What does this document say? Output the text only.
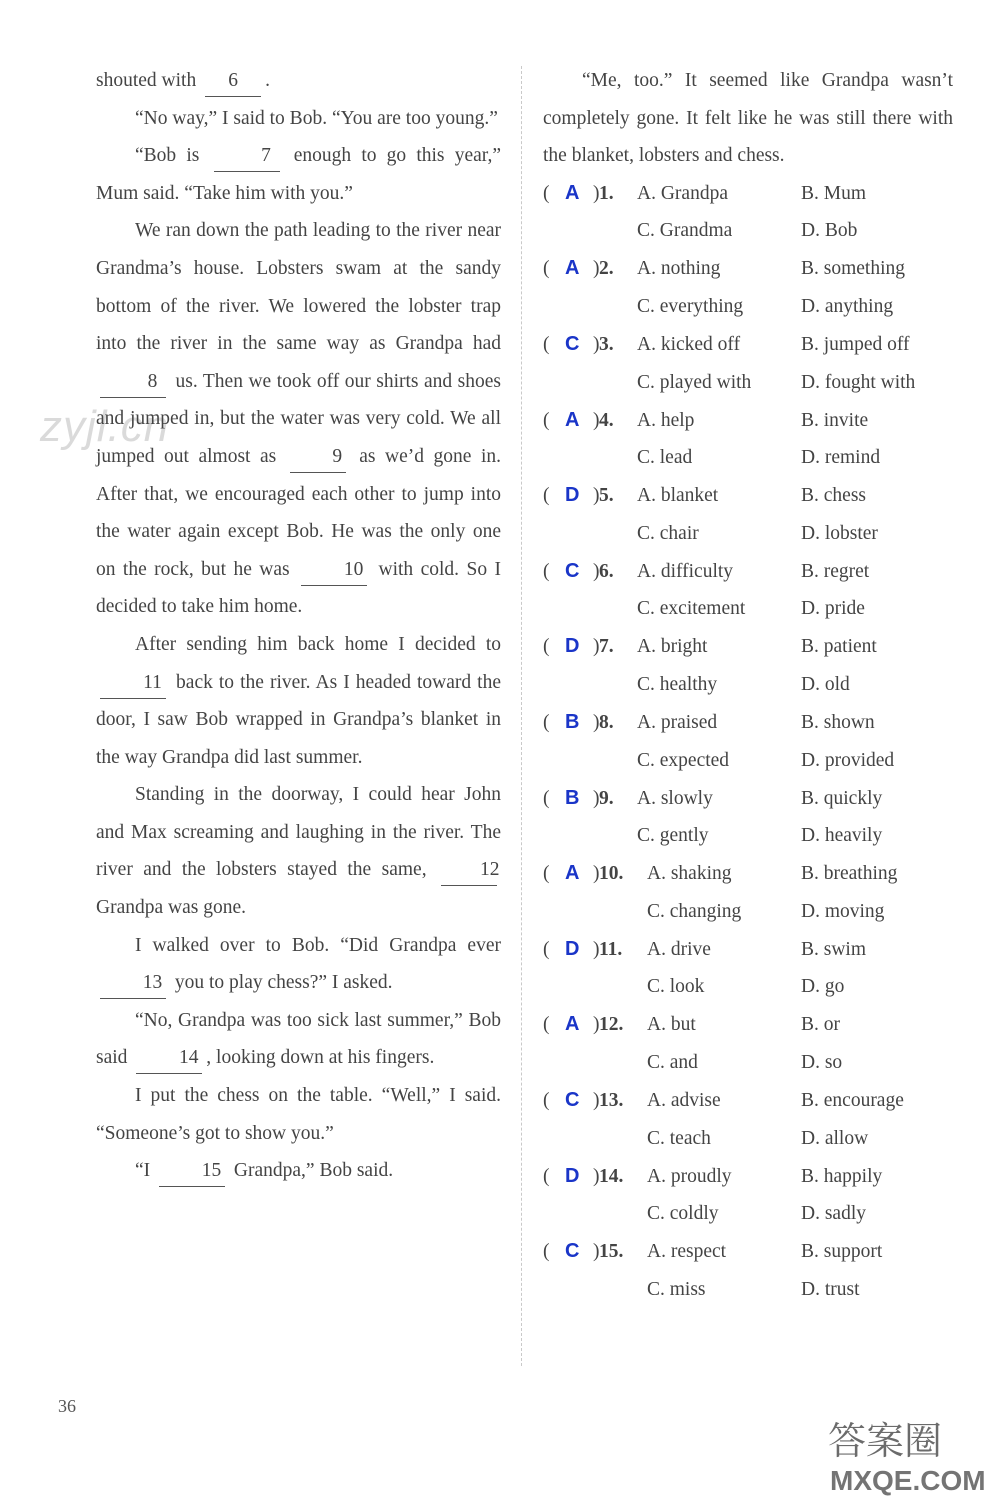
zyjl.cn

shouted with 6 .

“No way,” I said to Bob. “You are too young.”

“Bob is	7 enough to go this year,” Mum said. “Take him with you.”

We ran down the path leading to the river near Grandma’s house. Lobsters swam at the sandy bottom of the river. We lowered the lobster trap into the river in the same way as Grandpa had 8 us. Then we took off our shirts and shoes and jumped in, but the water was very cold. We all jumped out almost as	9 as we’d gone in. After that, we encouraged each other to jump into the water again except Bob. He was the only one on the rock, but he was	10 with cold. So I decided to take him home.

After sending him back home I decided to 11 back to the river. As I headed toward the door, I saw Bob wrapped in Grandpa’s blanket in the way Grandpa did last summer.

Standing in the doorway, I could hear John and Max screaming and laughing in the river. The river and the lobsters stayed the same,	12 Grandpa was gone.

I walked over to Bob. “Did Grandpa ever 13 you to play chess?” I asked.

“No, Grandpa was too sick last summer,” Bob said	14 , looking down at his fingers.

I put the chess on the table. “Well,” I said. “Someone’s got to show you.”

“I	15 Grandpa,” Bob said.

“Me, too.” It seemed like Grandpa wasn’t completely gone. It felt like he was still there with the blanket, lobsters and chess.

( A ) 1. A. Grandpa	B. Mum
C. Grandma	D. Bob
( A ) 2. A. nothing	B. something
C. everything	D. anything
( C ) 3. A. kicked off	B. jumped off
C. played with	D. fought with
( A ) 4. A. help	B. invite
C. lead	D. remind
( D ) 5. A. blanket	B. chess
C. chair	D. lobster
( C ) 6. A. difficulty	B. regret
C. excitement	D. pride
( D ) 7. A. bright	B. patient
C. healthy	D. old
( B ) 8. A. praised	B. shown
C. expected	D. provided
( B ) 9. A. slowly	B. quickly
C. gently	D. heavily
( A ) 10. A. shaking	B. breathing
C. changing	D. moving
( D ) 11. A. drive	B. swim
C. look	D. go
( A ) 12. A. but	B. or
C. and	D. so
( C ) 13. A. advise	B. encourage
C. teach	D. allow
( D ) 14. A. proudly	B. happily
C. coldly	D. sadly
( C ) 15. A. respect	B. support
C. miss	D. trust
36
答案圈
MXQE.COM
